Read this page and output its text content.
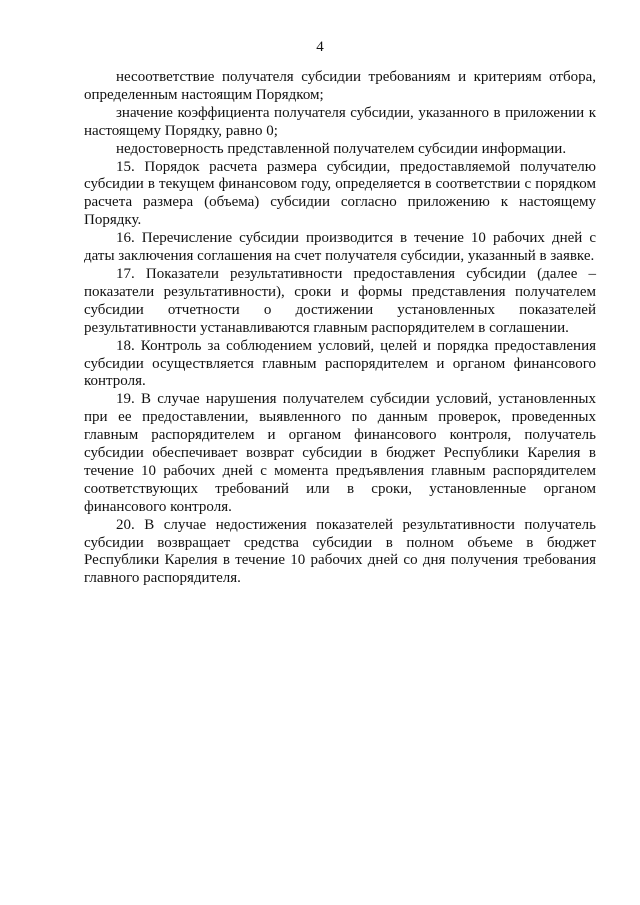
4

несоответствие получателя субсидии требованиям и критериям отбора, определенным настоящим Порядком;

значение коэффициента получателя субсидии, указанного в приложении к настоящему Порядку, равно 0;

недостоверность представленной получателем субсидии информации.

15. Порядок расчета размера субсидии, предоставляемой получателю субсидии в текущем финансовом году, определяется в соответствии с порядком расчета размера (объема) субсидии согласно приложению к настоящему Порядку.

16. Перечисление субсидии производится в течение 10 рабочих дней с даты заключения соглашения на счет получателя субсидии, указанный в заявке.

17. Показатели результативности предоставления субсидии (далее – показатели результативности), сроки и формы представления получателем субсидии отчетности о достижении установленных показателей результативности устанавливаются главным распорядителем в соглашении.

18. Контроль за соблюдением условий, целей и порядка предоставления субсидии осуществляется главным распорядителем и органом финансового контроля.

19. В случае нарушения получателем субсидии условий, установленных при ее предоставлении, выявленного по данным проверок, проведенных главным распорядителем и органом финансового контроля, получатель субсидии обеспечивает возврат субсидии в бюджет Республики Карелия в течение 10 рабочих дней с момента предъявления главным распорядителем соответствующих требований или в сроки, установленные органом финансового контроля.

20. В случае недостижения показателей результативности получатель субсидии возвращает средства субсидии в полном объеме в бюджет Республики Карелия в течение 10 рабочих дней со дня получения требования главного распорядителя.
